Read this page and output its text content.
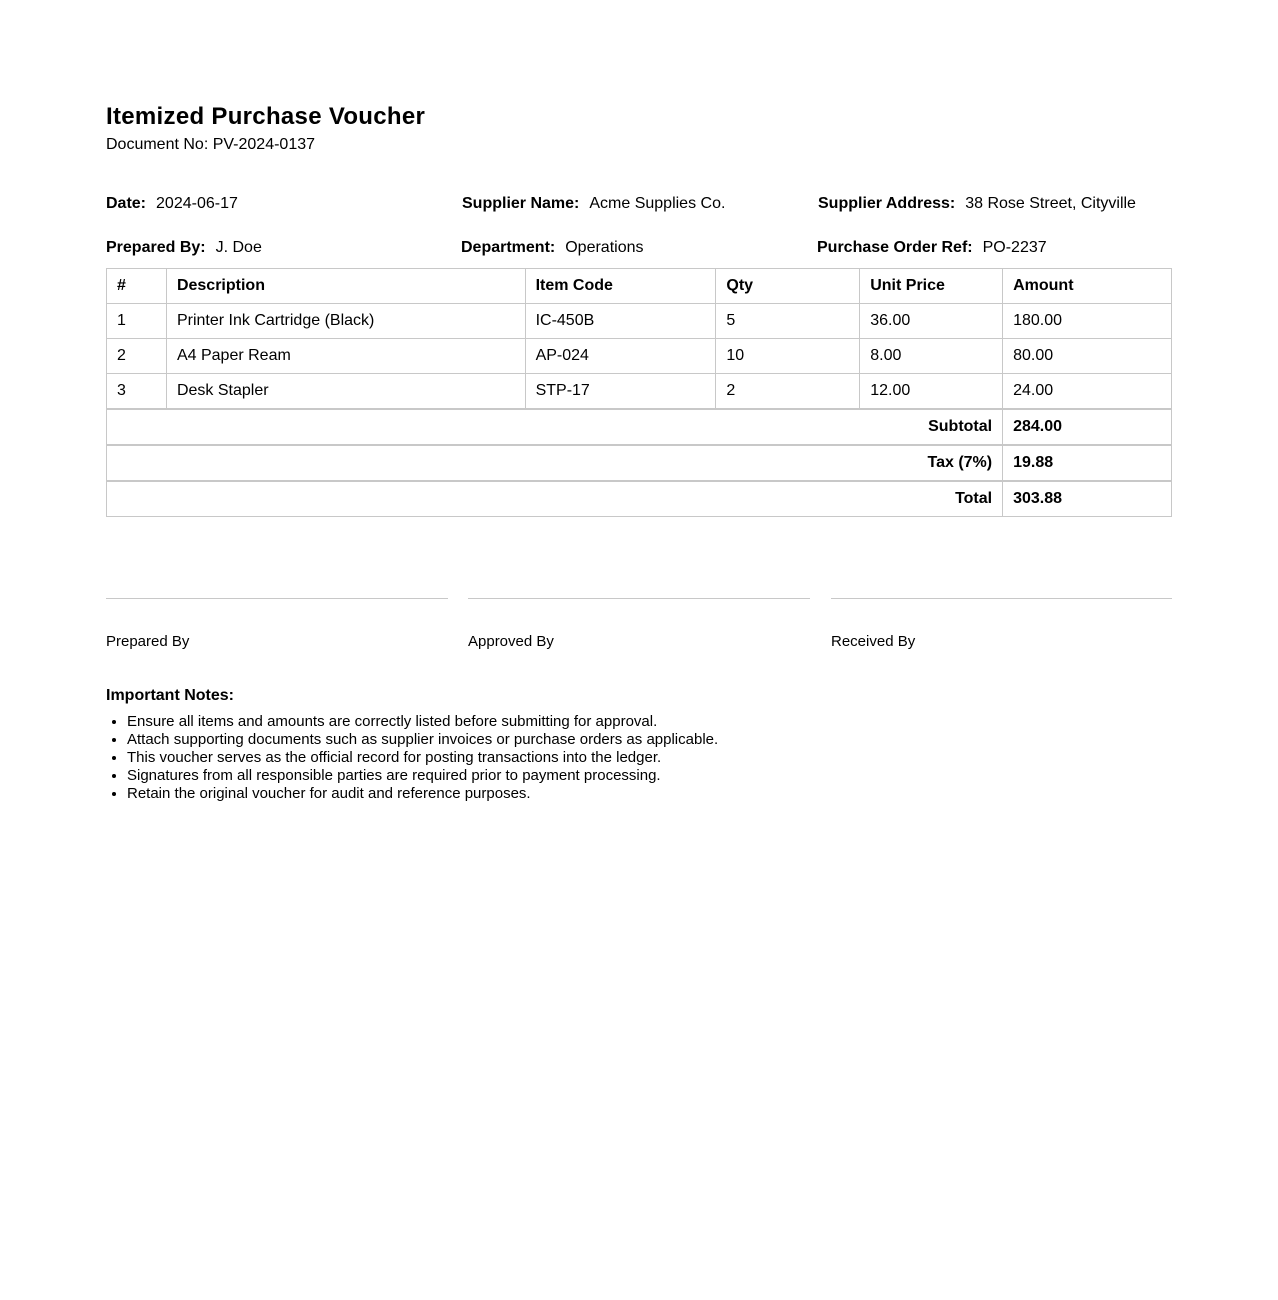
Itemized Purchase Voucher

Document No: PV-2024-0137

Date: 2024-06-17	Supplier Name: Acme Supplies Co.	Supplier Address: 38 Rose Street, Cityville
Prepared By: J. Doe	Department: Operations	Purchase Order Ref: PO-2237
#	Description	Item Code	Qty	Unit Price	Amount
1	Printer Ink Cartridge (Black)	IC-450B	5	36.00	180.00
2	A4 Paper Ream	AP-024	10	8.00	80.00
3	Desk Stapler	STP-17	2	12.00	24.00
Subtotal					284.00
Tax (7%)					19.88
Total					303.88
Prepared By	Approved By	Received By

Important Notes:

• Ensure all items and amounts are correctly listed before submitting for approval.
• Attach supporting documents such as supplier invoices or purchase orders as applicable.
• This voucher serves as the official record for posting transactions into the ledger.
• Signatures from all responsible parties are required prior to payment processing.
• Retain the original voucher for audit and reference purposes.
